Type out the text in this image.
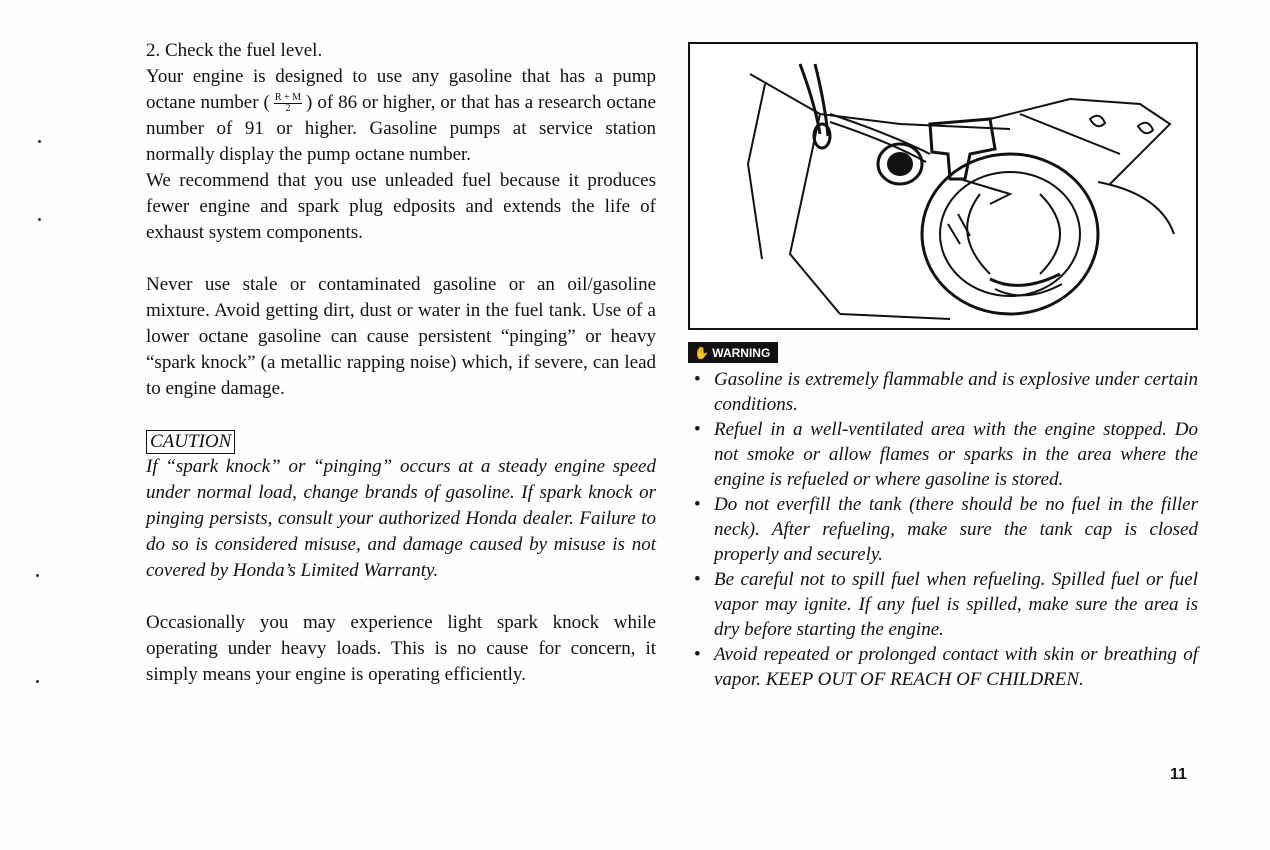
2. Check the fuel level.

Your engine is designed to use any gasoline that has a pump octane number ( $\frac{R + M}{2}$ ) of 86 or higher, or that has a research octane number of 91 or higher. Gasoline pumps at service station normally display the pump octane number.

We recommend that you use unleaded fuel because it produces fewer engine and spark plug edposits and extends the life of exhaust system components.

Never use stale or contaminated gasoline or an oil/gasoline mixture. Avoid getting dirt, dust or water in the fuel tank. Use of a lower octane gasoline can cause persistent “pinging” or heavy “spark knock” (a metallic rapping noise) which, if severe, can lead to engine damage.

CAUTION

If “spark knock” or “pinging” occurs at a steady engine speed under normal load, change brands of gasoline. If spark knock or pinging persists, consult your authorized Honda dealer. Failure to do so is considered misuse, and damage caused by misuse is not covered by Honda’s Limited Warranty.

Occasionally you may experience light spark knock while operating under heavy loads. This is no cause for concern, it simply means your engine is operating efficiently.

✋ WARNING
• Gasoline is extremely flammable and is explosive under certain conditions.
• Refuel in a well-ventilated area with the engine stopped. Do not smoke or allow flames or sparks in the area where the engine is refueled or where gasoline is stored.
• Do not everfill the tank (there should be no fuel in the filler neck). After refueling, make sure the tank cap is closed properly and securely.
• Be careful not to spill fuel when refueling. Spilled fuel or fuel vapor may ignite. If any fuel is spilled, make sure the area is dry before starting the engine.
• Avoid repeated or prolonged contact with skin or breathing of vapor. KEEP OUT OF REACH OF CHILDREN.
11
